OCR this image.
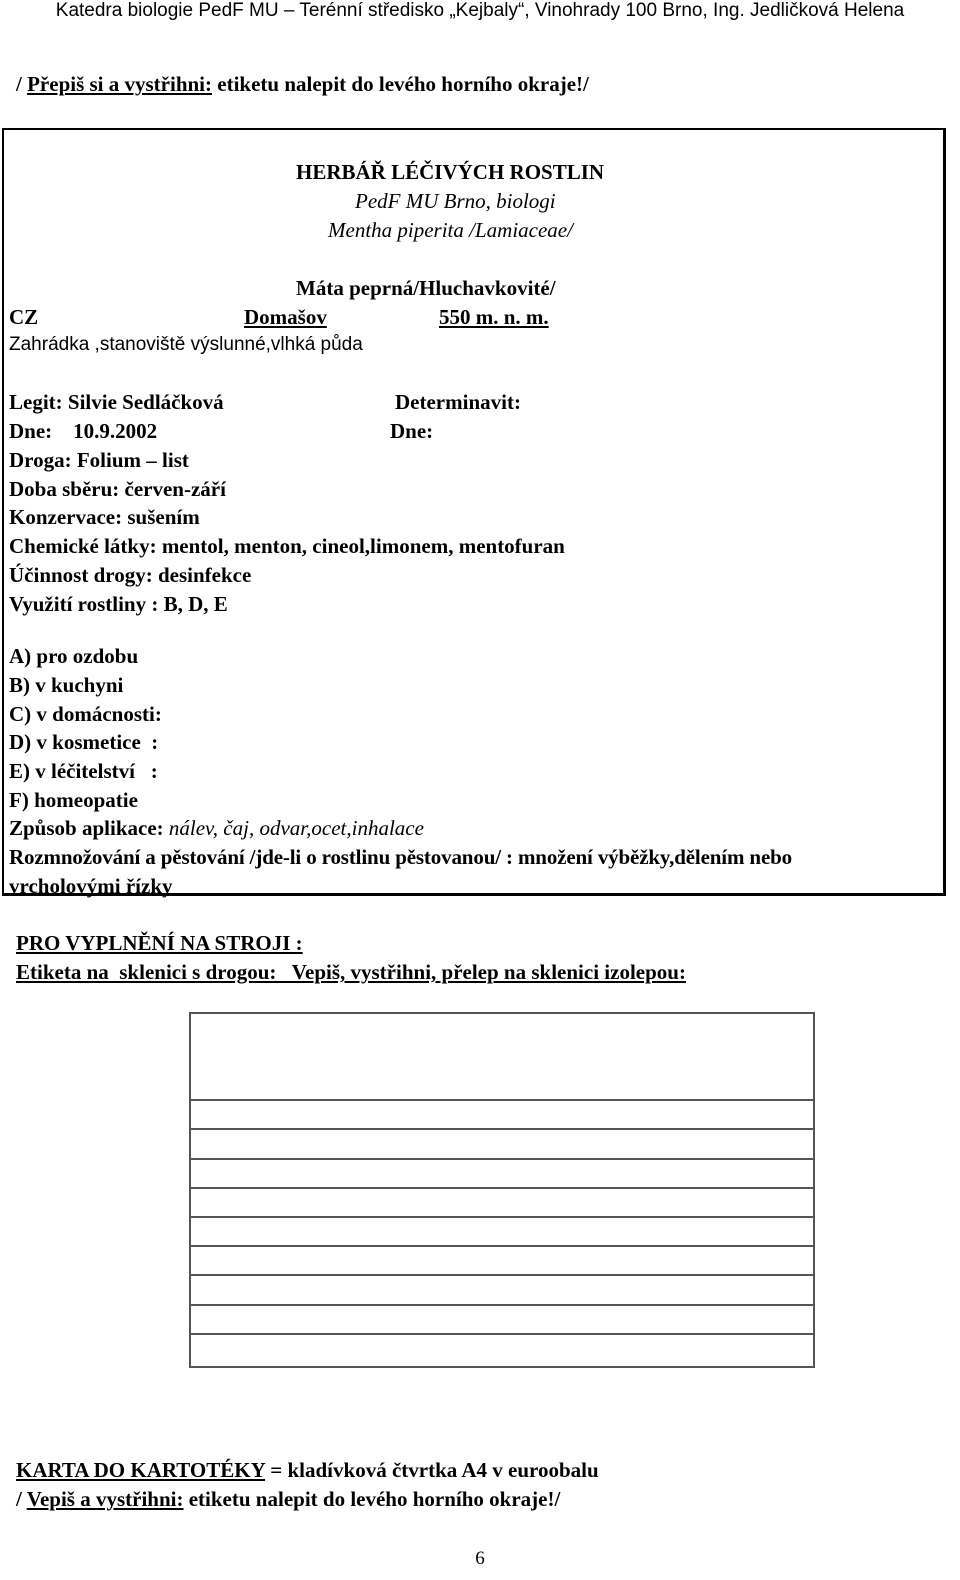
Katedra biologie PedF MU – Terénní středisko „Kejbaly“, Vinohrady 100 Brno, Ing. Jedličková Helena
/ Přepiš si a vystřihni: etiketu nalepit do levého horního okraje!/
HERBÁŘ LÉČIVÝCH ROSTLIN
PedF MU Brno, biologi
Mentha piperita /Lamiaceae/
Máta peprná/Hluchavkovité/
CZ	Domašov	550 m. n. m.
Zahrádka ,stanoviště výslunné,vlhká půda
Legit: Silvie Sedláčková	Determinavit:
Dne:    10.9.2002	Dne:
Droga: Folium – list
Doba sběru: červen-září
Konzervace: sušením
Chemické látky: mentol, menton, cineol,limonem, mentofuran
Účinnost drogy: desinfekce
Využití rostliny : B, D, E
A) pro ozdobu
B) v kuchyni
C) v domácnosti:
D) v kosmetice  :
E) v léčitelství   :
F) homeopatie
Způsob aplikace: nálev, čaj, odvar,ocet,inhalace
Rozmnožování a pěstování /jde-li o rostlinu pěstovanou/ : množení výběžky,dělením nebo
vrcholovými řízky
PRO VYPLNĚNÍ NA STROJI :
Etiketa na  sklenici s drogou:   Vepiš, vystřihni, přelep na sklenici izolepou:
KARTA DO KARTOTÉKY = kladívková čtvrtka A4 v euroobalu
/ Vepiš a vystřihni: etiketu nalepit do levého horního okraje!/
6
